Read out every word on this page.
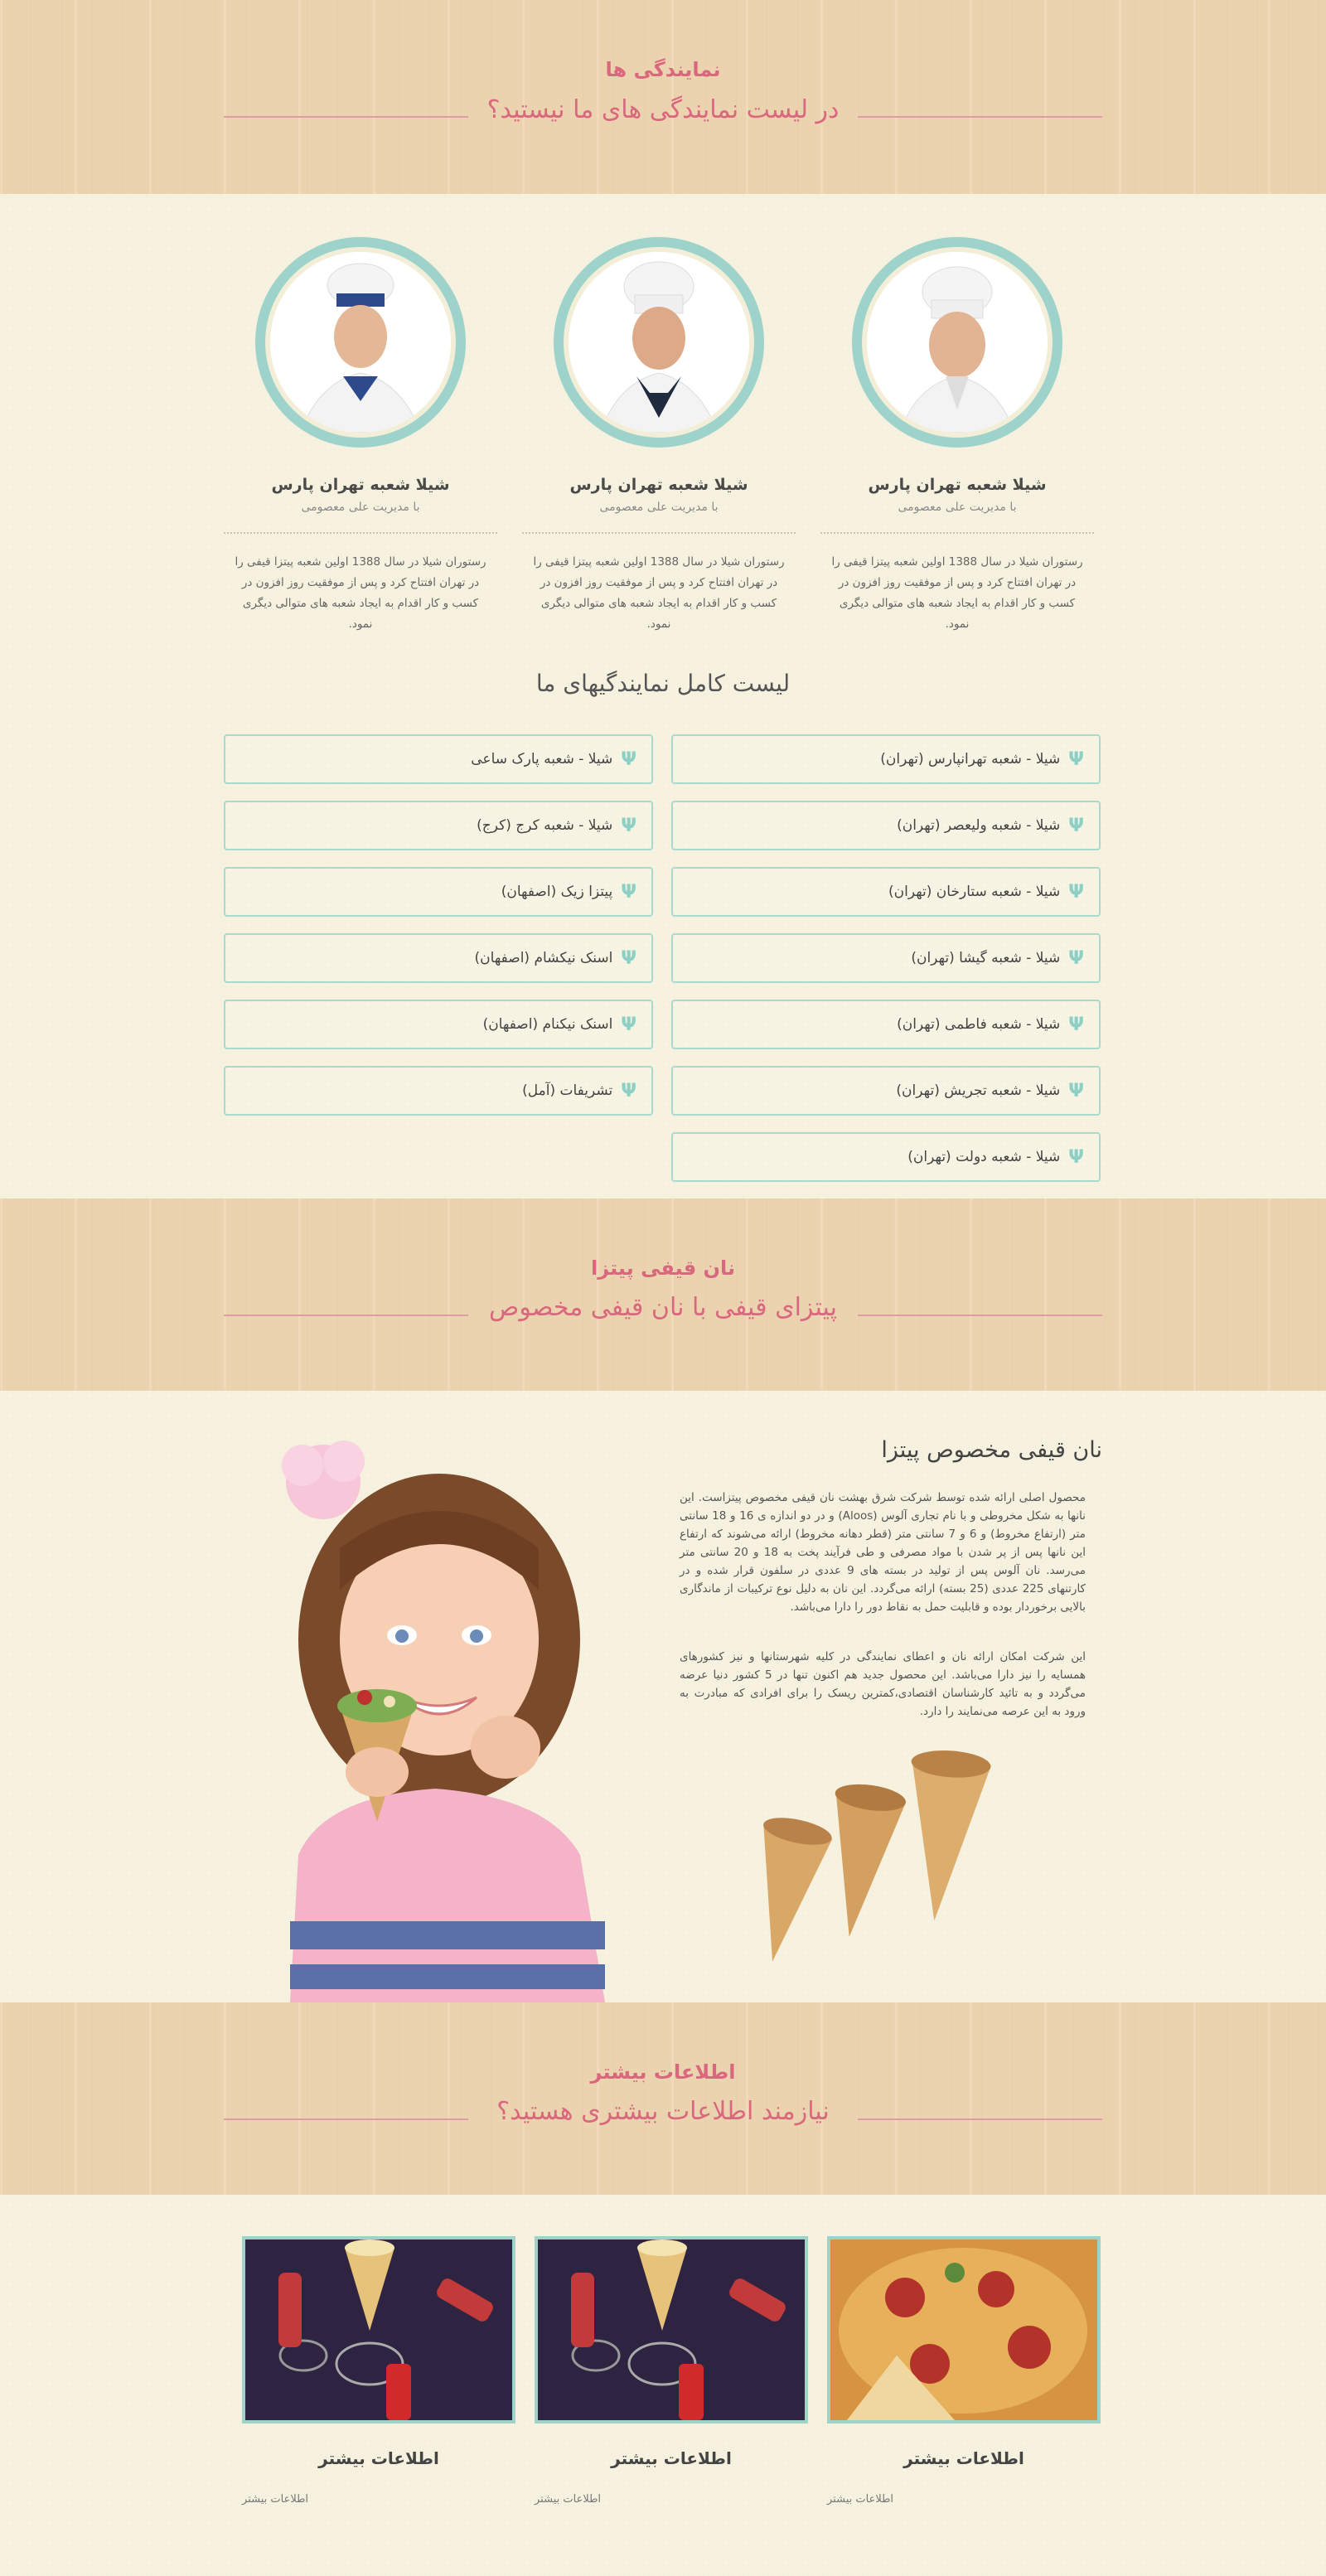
نمایندگی ها
در لیست نمایندگی های ما نیستید؟
شیلا شعبه تهران پارس
با مدیریت علی معصومی
رستوران شیلا در سال 1388 اولین شعبه پیتزا قیفی را در تهران افتتاح کرد و پس از موفقیت روز افزون در کسب و کار اقدام به ایجاد شعبه های متوالی دیگری نمود.
شیلا شعبه تهران پارس
با مدیریت علی معصومی
رستوران شیلا در سال 1388 اولین شعبه پیتزا قیفی را در تهران افتتاح کرد و پس از موفقیت روز افزون در کسب و کار اقدام به ایجاد شعبه های متوالی دیگری نمود.
شیلا شعبه تهران پارس
با مدیریت علی معصومی
رستوران شیلا در سال 1388 اولین شعبه پیتزا قیفی را در تهران افتتاح کرد و پس از موفقیت روز افزون در کسب و کار اقدام به ایجاد شعبه های متوالی دیگری نمود.
لیست کامل نمایندگیهای ما
Ψ
شیلا - شعبه تهرانپارس (تهران)
Ψ
شیلا - شعبه ولیعصر (تهران)
Ψ
شیلا - شعبه ستارخان (تهران)
Ψ
شیلا - شعبه گیشا (تهران)
Ψ
شیلا - شعبه فاطمی (تهران)
Ψ
شیلا - شعبه تجریش (تهران)
Ψ
شیلا - شعبه دولت (تهران)
Ψ
شیلا - شعبه پارک ساعی
Ψ
شیلا - شعبه کرج (کرج)
Ψ
پیتزا زیک (اصفهان)
Ψ
اسنک نیکشام (اصفهان)
Ψ
اسنک نیکنام (اصفهان)
Ψ
تشریفات (آمل)
نان قیفی پیتزا
پیتزای قیفی با نان قیفی مخصوص
نان قیفی مخصوص پیتزا
محصول اصلی ارائه شده توسط شرکت شرق بهشت نان قیفی مخصوص پیتزاست. این نانها به شکل مخروطی و با نام تجاری آلوس (Aloos) و در دو اندازه ی 16 و 18 سانتی متر (ارتفاع مخروط) و 6 و 7 سانتی متر (قطر دهانه مخروط) ارائه می‌شوند که ارتفاع این نانها پس از پر شدن با مواد مصرفی و طی فرآیند پخت به 18 و 20 سانتی متر می‌رسد. نان آلوس پس از تولید در بسته های 9 عددی در سلفون قرار شده و در کارتنهای 225 عددی (25 بسته) ارائه می‌گردد. این نان به دلیل نوع ترکیبات از ماندگاری بالایی برخوردار بوده و قابلیت حمل به نقاط دور را دارا می‌باشد.
این شرکت امکان ارائه نان و اعطای نمایندگی در کلیه شهرستانها و نیز کشورهای همسایه را نیز دارا می‌باشد. این محصول جدید هم اکنون تنها در 5 کشور دنیا عرضه می‌گردد و به تائید کارشناسان اقتصادی،کمترین ریسک را برای افرادی که مبادرت به ورود به این عرصه می‌نمایند را دارد.
اطلاعات بیشتر
نیازمند اطلاعات بیشتری هستید؟
اطلاعات بیشتر
اطلاعات بیشتر
اطلاعات بیشتر
اطلاعات بیشتر
اطلاعات بیشتر
اطلاعات بیشتر
